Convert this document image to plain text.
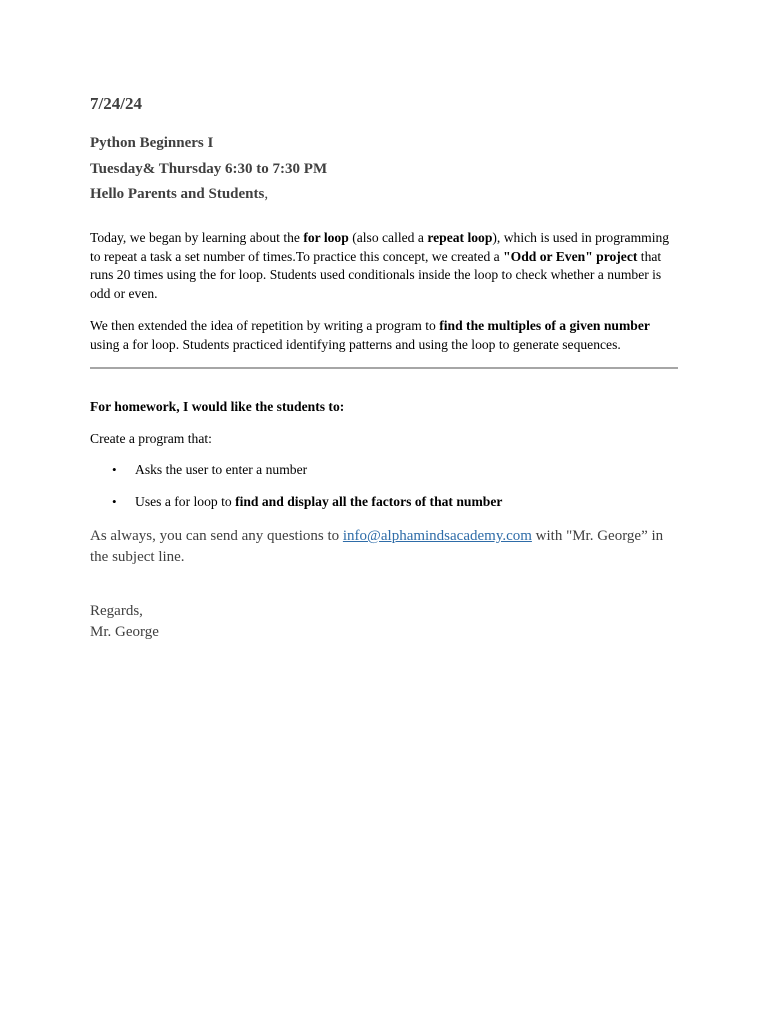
7/24/24
Python Beginners I
Tuesday& Thursday 6:30 to 7:30 PM
Hello Parents and Students,
Today, we began by learning about the for loop (also called a repeat loop), which is used in programming to repeat a task a set number of times.To practice this concept, we created a "Odd or Even" project that runs 20 times using the for loop. Students used conditionals inside the loop to check whether a number is odd or even.
We then extended the idea of repetition by writing a program to find the multiples of a given number using a for loop. Students practiced identifying patterns and using the loop to generate sequences.
For homework, I would like the students to:
Create a program that:
• Asks the user to enter a number
• Uses a for loop to find and display all the factors of that number
As always, you can send any questions to info@alphamindsacademy.com with "Mr. George” in the subject line.
Regards,
Mr. George
